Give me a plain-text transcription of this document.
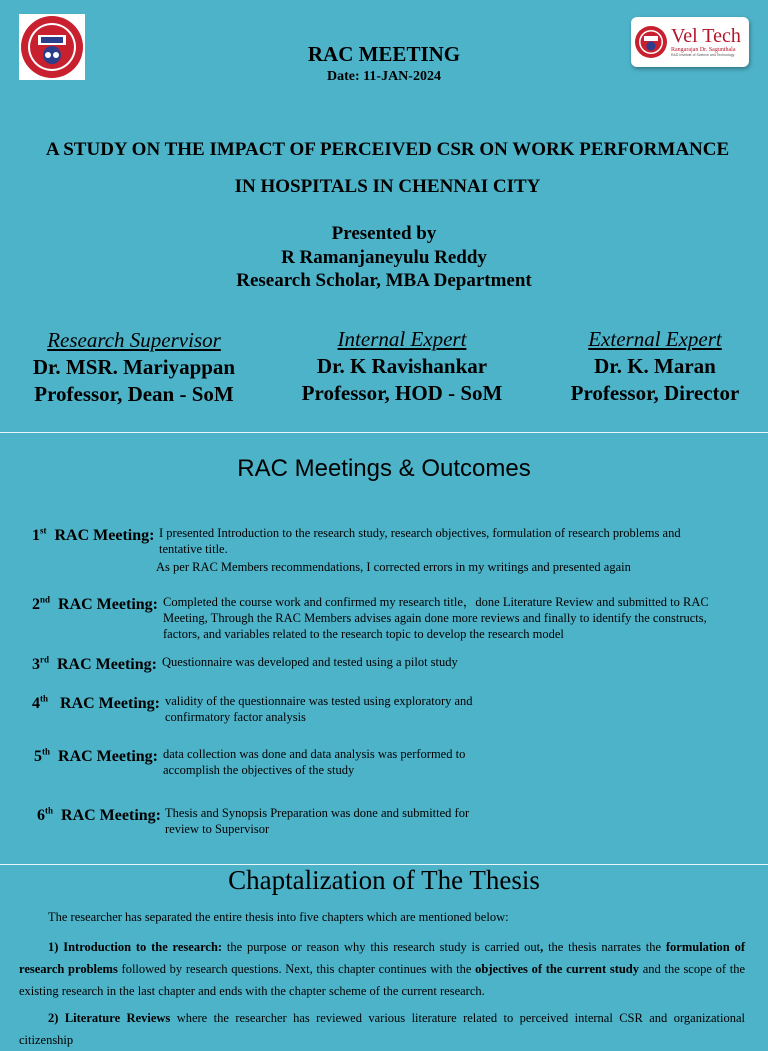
Vel Tech
Rangarajan Dr. Sagunthala
R&D Institute of Science and Technology
RAC MEETING
Date: 11-JAN-2024
A STUDY ON THE IMPACT OF PERCEIVED CSR ON WORK PERFORMANCE
IN HOSPITALS IN CHENNAI CITY
Presented by
R Ramanjaneyulu Reddy
Research Scholar, MBA Department
Research Supervisor
Dr. MSR. Mariyappan
Professor, Dean - SoM
Internal Expert
Dr. K Ravishankar
Professor, HOD - SoM
External Expert
Dr. K. Maran
Professor, Director
RAC Meetings & Outcomes
1st RAC Meeting: I presented Introduction to the research study, research objectives, formulation of research problems and
tentative title.
As per RAC Members recommendations, I corrected errors in my writings and presented again
2nd RAC Meeting: Completed the course work and confirmed my research title，done Literature Review and submitted to RAC
Meeting, Through the RAC Members advises again done more reviews and finally to identify the constructs,
factors, and variables related to the research topic to develop the research model
3rd RAC Meeting: Questionnaire was developed and tested using a pilot study
4th RAC Meeting: validity of the questionnaire was tested using exploratory and
confirmatory factor analysis
5th RAC Meeting: data collection was done and data analysis was performed to
accomplish the objectives of the study
6th RAC Meeting: Thesis and Synopsis Preparation was done and submitted for
review to Supervisor
Chaptalization of The Thesis
The researcher has separated the entire thesis into five chapters which are mentioned below:
1) Introduction to the research: the purpose or reason why this research study is carried out, the thesis narrates the formulation of research problems followed by research questions. Next, this chapter continues with the objectives of the current study and the scope of the existing research in the last chapter and ends with the chapter scheme of the current research.
2) Literature Reviews where the researcher has reviewed various literature related to perceived internal CSR and organizational citizenship
